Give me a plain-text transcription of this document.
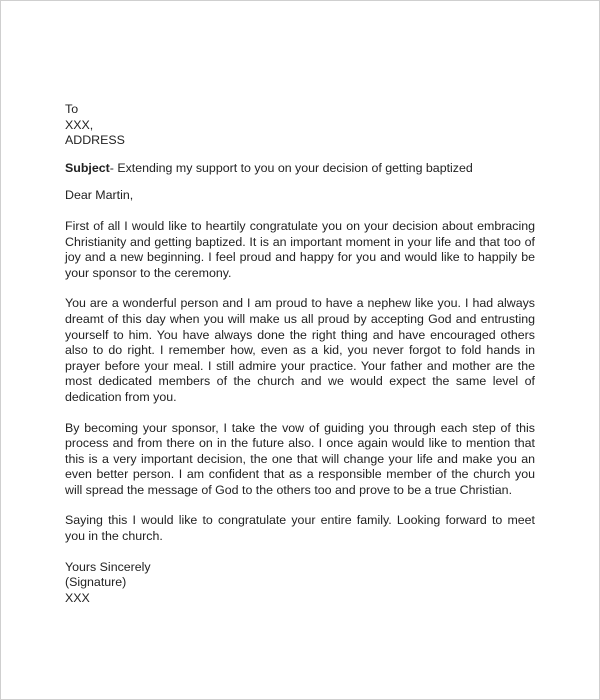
To
XXX,
ADDRESS
Subject- Extending my support to you on your decision of getting baptized
Dear Martin,
First of all I would like to heartily congratulate you on your decision about embracing Christianity and getting baptized. It is an important moment in your life and that too of joy and a new beginning. I feel proud and happy for you and would like to happily be your sponsor to the ceremony.
You are a wonderful person and I am proud to have a nephew like you. I had always dreamt of this day when you will make us all proud by accepting God and entrusting yourself to him. You have always done the right thing and have encouraged others also to do right. I remember how, even as a kid, you never forgot to fold hands in prayer before your meal. I still admire your practice. Your father and mother are the most dedicated members of the church and we would expect the same level of dedication from you.
By becoming your sponsor, I take the vow of guiding you through each step of this process and from there on in the future also. I once again would like to mention that this is a very important decision, the one that will change your life and make you an even better person. I am confident that as a responsible member of the church you will spread the message of God to the others too and prove to be a true Christian.
Saying this I would like to congratulate your entire family. Looking forward to meet you in the church.
Yours Sincerely
(Signature)
XXX
